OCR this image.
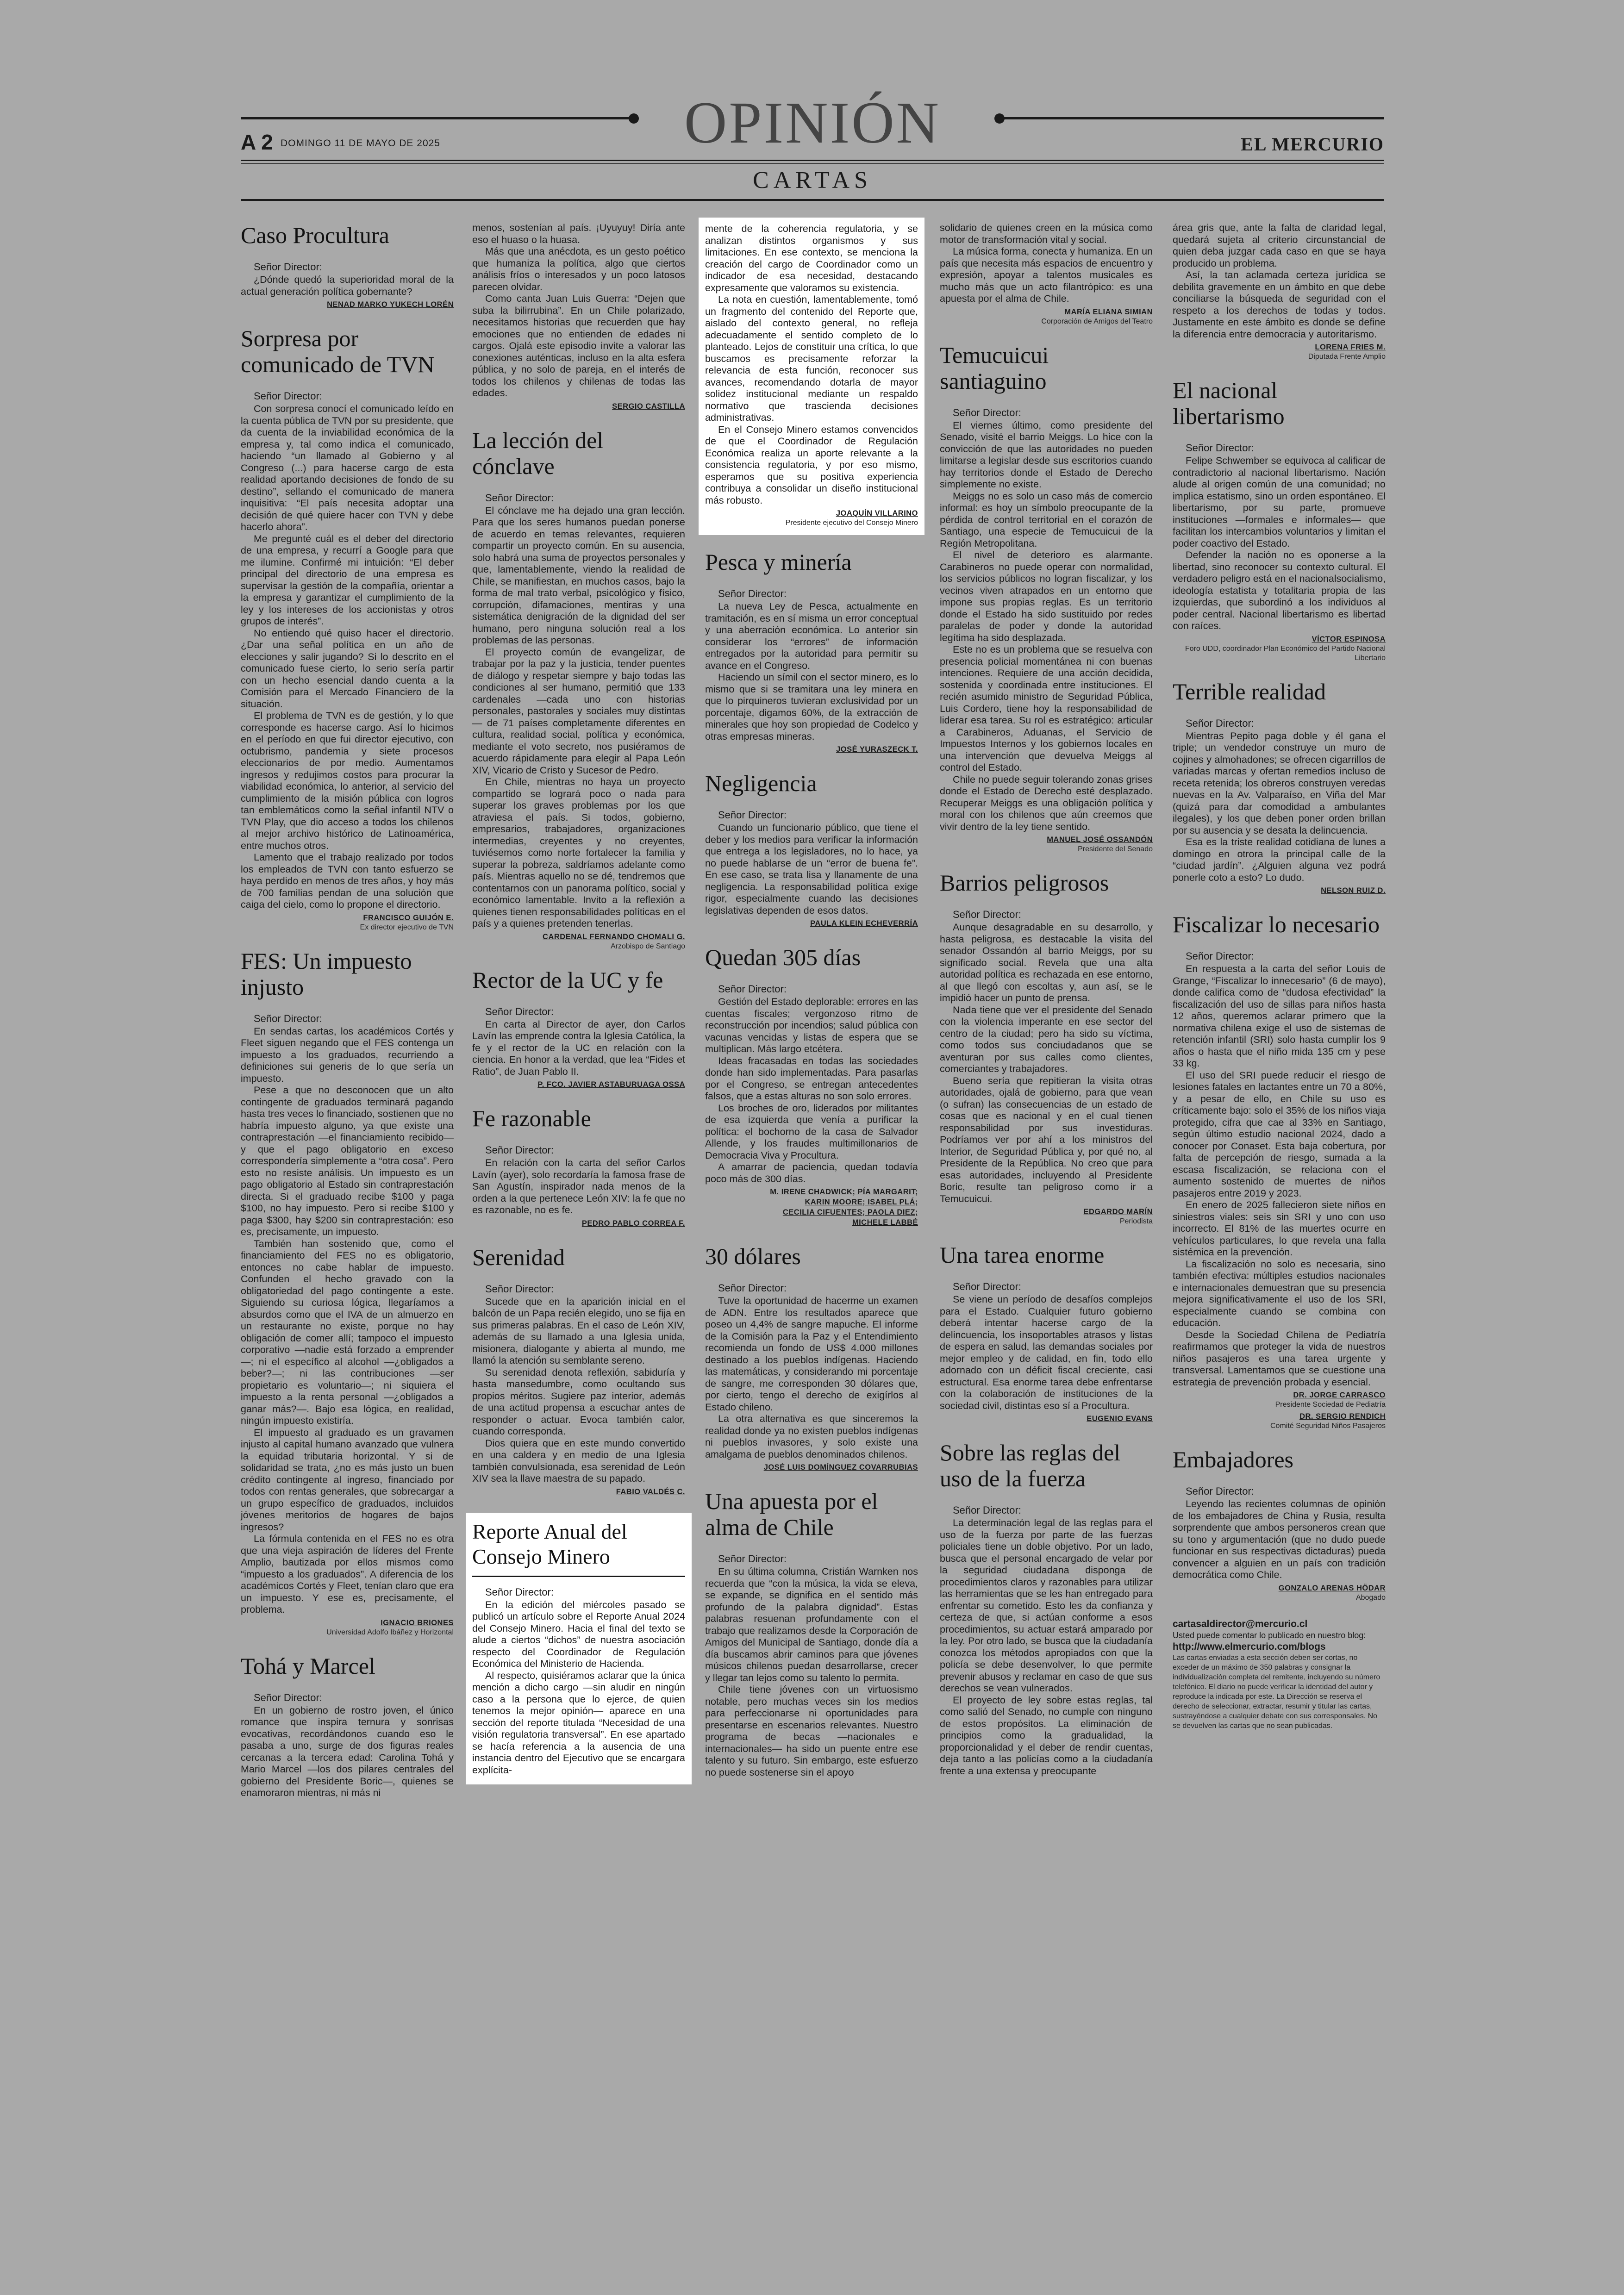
OPINIÓN
A 2 DOMINGO 11 DE MAYO DE 2025	EL MERCURIO
CARTAS
Caso Procultura
Señor Director:

¿Dónde quedó la superioridad moral de la actual generación política gobernante?

NENAD MARKO YUKECH LORÉN
Sorpresa por comunicado de TVN
Señor Director:

Con sorpresa conocí el comunicado leído en la cuenta pública de TVN por su presidente, que da cuenta de la inviabilidad económica de la empresa y, tal como indica el comunicado, haciendo “un llamado al Gobierno y al Congreso (...) para hacerse cargo de esta realidad aportando decisiones de fondo de su destino”, sellando el comunicado de manera inquisitiva: “El país necesita adoptar una decisión de qué quiere hacer con TVN y debe hacerlo ahora”.

Me pregunté cuál es el deber del directorio de una empresa, y recurrí a Google para que me ilumine. Confirmé mi intuición: “El deber principal del directorio de una empresa es supervisar la gestión de la compañía, orientar a la empresa y garantizar el cumplimiento de la ley y los intereses de los accionistas y otros grupos de interés”.

No entiendo qué quiso hacer el directorio. ¿Dar una señal política en un año de elecciones y salir jugando? Si lo descrito en el comunicado fuese cierto, lo serio sería partir con un hecho esencial dando cuenta a la Comisión para el Mercado Financiero de la situación.

El problema de TVN es de gestión, y lo que corresponde es hacerse cargo. Así lo hicimos en el período en que fui director ejecutivo, con octubrismo, pandemia y siete procesos eleccionarios de por medio. Aumentamos ingresos y redujimos costos para procurar la viabilidad económica, lo anterior, al servicio del cumplimiento de la misión pública con logros tan emblemáticos como la señal infantil NTV o TVN Play, que dio acceso a todos los chilenos al mejor archivo histórico de Latinoamérica, entre muchos otros.

Lamento que el trabajo realizado por todos los empleados de TVN con tanto esfuerzo se haya perdido en menos de tres años, y hoy más de 700 familias pendan de una solución que caiga del cielo, como lo propone el directorio.

FRANCISCO GUIJÓN E.
Ex director ejecutivo de TVN
FES: Un impuesto injusto
Señor Director:

En sendas cartas, los académicos Cortés y Fleet siguen negando que el FES contenga un impuesto a los graduados, recurriendo a definiciones sui generis de lo que sería un impuesto.

Pese a que no desconocen que un alto contingente de graduados terminará pagando hasta tres veces lo financiado, sostienen que no habría impuesto alguno, ya que existe una contraprestación —el financiamiento recibido— y que el pago obligatorio en exceso correspondería simplemente a “otra cosa”. Pero esto no resiste análisis. Un impuesto es un pago obligatorio al Estado sin contraprestación directa. Si el graduado recibe $100 y paga $100, no hay impuesto. Pero si recibe $100 y paga $300, hay $200 sin contraprestación: eso es, precisamente, un impuesto.

También han sostenido que, como el financiamiento del FES no es obligatorio, entonces no cabe hablar de impuesto. Confunden el hecho gravado con la obligatoriedad del pago contingente a este. Siguiendo su curiosa lógica, llegaríamos a absurdos como que el IVA de un almuerzo en un restaurante no existe, porque no hay obligación de comer allí; tampoco el impuesto corporativo —nadie está forzado a emprender—; ni el específico al alcohol —¿obligados a beber?—; ni las contribuciones —ser propietario es voluntario—; ni siquiera el impuesto a la renta personal —¿obligados a ganar más?—. Bajo esa lógica, en realidad, ningún impuesto existiría.

El impuesto al graduado es un gravamen injusto al capital humano avanzado que vulnera la equidad tributaria horizontal. Y si de solidaridad se trata, ¿no es más justo un buen crédito contingente al ingreso, financiado por todos con rentas generales, que sobrecargar a un grupo específico de graduados, incluidos jóvenes meritorios de hogares de bajos ingresos?

La fórmula contenida en el FES no es otra que una vieja aspiración de líderes del Frente Amplio, bautizada por ellos mismos como “impuesto a los graduados”. A diferencia de los académicos Cortés y Fleet, tenían claro que era un impuesto. Y ese es, precisamente, el problema.

IGNACIO BRIONES
Universidad Adolfo Ibáñez y Horizontal
Tohá y Marcel
Señor Director:

En un gobierno de rostro joven, el único romance que inspira ternura y sonrisas evocativas, recordándonos cuando eso le pasaba a uno, surge de dos figuras reales cercanas a la tercera edad: Carolina Tohá y Mario Marcel —los dos pilares centrales del gobierno del Presidente Boric—, quienes se enamoraron mientras, ni más ni

menos, sostenían al país. ¡Uyuyuy! Diría ante eso el huaso o la huasa.

Más que una anécdota, es un gesto poético que humaniza la política, algo que ciertos análisis fríos o interesados y un poco latosos parecen olvidar.

Como canta Juan Luis Guerra: “Dejen que suba la bilirrubina”. En un Chile polarizado, necesitamos historias que recuerden que hay emociones que no entienden de edades ni cargos. Ojalá este episodio invite a valorar las conexiones auténticas, incluso en la alta esfera pública, y no solo de pareja, en el interés de todos los chilenos y chilenas de todas las edades.

SERGIO CASTILLA
La lección del cónclave
Señor Director:

El cónclave me ha dejado una gran lección. Para que los seres humanos puedan ponerse de acuerdo en temas relevantes, requieren compartir un proyecto común. En su ausencia, solo habrá una suma de proyectos personales y que, lamentablemente, viendo la realidad de Chile, se manifiestan, en muchos casos, bajo la forma de mal trato verbal, psicológico y físico, corrupción, difamaciones, mentiras y una sistemática denigración de la dignidad del ser humano, pero ninguna solución real a los problemas de las personas.

El proyecto común de evangelizar, de trabajar por la paz y la justicia, tender puentes de diálogo y respetar siempre y bajo todas las condiciones al ser humano, permitió que 133 cardenales —cada uno con historias personales, pastorales y sociales muy distintas— de 71 países completamente diferentes en cultura, realidad social, política y económica, mediante el voto secreto, nos pusiéramos de acuerdo rápidamente para elegir al Papa León XIV, Vicario de Cristo y Sucesor de Pedro.

En Chile, mientras no haya un proyecto compartido se logrará poco o nada para superar los graves problemas por los que atraviesa el país. Si todos, gobierno, empresarios, trabajadores, organizaciones intermedias, creyentes y no creyentes, tuviésemos como norte fortalecer la familia y superar la pobreza, saldríamos adelante como país. Mientras aquello no se dé, tendremos que contentarnos con un panorama político, social y económico lamentable. Invito a la reflexión a quienes tienen responsabilidades políticas en el país y a quienes pretenden tenerlas.

CARDENAL FERNANDO CHOMALI G.
Arzobispo de Santiago
Rector de la UC y fe
Señor Director:

En carta al Director de ayer, don Carlos Lavín las emprende contra la Iglesia Católica, la fe y el rector de la UC en relación con la ciencia. En honor a la verdad, que lea “Fides et Ratio”, de Juan Pablo II.

P. FCO. JAVIER ASTABURUAGA OSSA
Fe razonable
Señor Director:

En relación con la carta del señor Carlos Lavín (ayer), solo recordaría la famosa frase de San Agustín, inspirador nada menos de la orden a la que pertenece León XIV: la fe que no es razonable, no es fe.

PEDRO PABLO CORREA F.
Serenidad
Señor Director:

Sucede que en la aparición inicial en el balcón de un Papa recién elegido, uno se fija en sus primeras palabras. En el caso de León XIV, además de su llamado a una Iglesia unida, misionera, dialogante y abierta al mundo, me llamó la atención su semblante sereno.

Su serenidad denota reflexión, sabiduría y hasta mansedumbre, como ocultando sus propios méritos. Sugiere paz interior, además de una actitud propensa a escuchar antes de responder o actuar. Evoca también calor, cuando corresponda.

Dios quiera que en este mundo convertido en una caldera y en medio de una Iglesia también convulsionada, esa serenidad de León XIV sea la llave maestra de su papado.

FABIO VALDÉS C.
Reporte Anual del Consejo Minero
Señor Director:

En la edición del miércoles pasado se publicó un artículo sobre el Reporte Anual 2024 del Consejo Minero. Hacia el final del texto se alude a ciertos “dichos” de nuestra asociación respecto del Coordinador de Regulación Económica del Ministerio de Hacienda.

Al respecto, quisiéramos aclarar que la única mención a dicho cargo —sin aludir en ningún caso a la persona que lo ejerce, de quien tenemos la mejor opinión— aparece en una sección del reporte titulada “Necesidad de una visión regulatoria transversal”. En ese apartado se hacía referencia a la ausencia de una instancia dentro del Ejecutivo que se encargara explícita-

mente de la coherencia regulatoria, y se analizan distintos organismos y sus limitaciones. En ese contexto, se menciona la creación del cargo de Coordinador como un indicador de esa necesidad, destacando expresamente que valoramos su existencia.

La nota en cuestión, lamentablemente, tomó un fragmento del contenido del Reporte que, aislado del contexto general, no refleja adecuadamente el sentido completo de lo planteado. Lejos de constituir una crítica, lo que buscamos es precisamente reforzar la relevancia de esta función, reconocer sus avances, recomendando dotarla de mayor solidez institucional mediante un respaldo normativo que trascienda decisiones administrativas.

En el Consejo Minero estamos convencidos de que el Coordinador de Regulación Económica realiza un aporte relevante a la consistencia regulatoria, y por eso mismo, esperamos que su positiva experiencia contribuya a consolidar un diseño institucional más robusto.

JOAQUÍN VILLARINO
Presidente ejecutivo del Consejo Minero
Pesca y minería
Señor Director:

La nueva Ley de Pesca, actualmente en tramitación, es en sí misma un error conceptual y una aberración económica. Lo anterior sin considerar los “errores” de información entregados por la autoridad para permitir su avance en el Congreso.

Haciendo un símil con el sector minero, es lo mismo que si se tramitara una ley minera en que lo pirquineros tuvieran exclusividad por un porcentaje, digamos 60%, de la extracción de minerales que hoy son propiedad de Codelco y otras empresas mineras.

JOSÉ YURASZECK T.
Negligencia
Señor Director:

Cuando un funcionario público, que tiene el deber y los medios para verificar la información que entrega a los legisladores, no lo hace, ya no puede hablarse de un “error de buena fe”. En ese caso, se trata lisa y llanamente de una negligencia. La responsabilidad política exige rigor, especialmente cuando las decisiones legislativas dependen de esos datos.

PAULA KLEIN ECHEVERRÍA
Quedan 305 días
Señor Director:

Gestión del Estado deplorable: errores en las cuentas fiscales; vergonzoso ritmo de reconstrucción por incendios; salud pública con vacunas vencidas y listas de espera que se multiplican. Más largo etcétera.

Ideas fracasadas en todas las sociedades donde han sido implementadas. Para pasarlas por el Congreso, se entregan antecedentes falsos, que a estas alturas no son solo errores.

Los broches de oro, liderados por militantes de esa izquierda que venía a purificar la política: el bochorno de la casa de Salvador Allende, y los fraudes multimillonarios de Democracia Viva y Procultura.

A amarrar de paciencia, quedan todavía poco más de 300 días.

M. IRENE CHADWICK; PÍA MARGARIT;
KARIN MOORE; ISABEL PLÁ;
CECILIA CIFUENTES; PAOLA DIEZ;
MICHELE LABBÉ
30 dólares
Señor Director:

Tuve la oportunidad de hacerme un examen de ADN. Entre los resultados aparece que poseo un 4,4% de sangre mapuche. El informe de la Comisión para la Paz y el Entendimiento recomienda un fondo de US$ 4.000 millones destinado a los pueblos indígenas. Haciendo las matemáticas, y considerando mi porcentaje de sangre, me corresponden 30 dólares que, por cierto, tengo el derecho de exigírlos al Estado chileno.

La otra alternativa es que sinceremos la realidad donde ya no existen pueblos indígenas ni pueblos invasores, y solo existe una amalgama de pueblos denominados chilenos.

JOSÉ LUIS DOMÍNGUEZ COVARRUBIAS
Una apuesta por el alma de Chile
Señor Director:

En su última columna, Cristián Warnken nos recuerda que “con la música, la vida se eleva, se expande, se dignifica en el sentido más profundo de la palabra dignidad”. Estas palabras resuenan profundamente con el trabajo que realizamos desde la Corporación de Amigos del Municipal de Santiago, donde día a día buscamos abrir caminos para que jóvenes músicos chilenos puedan desarrollarse, crecer y llegar tan lejos como su talento lo permita.

Chile tiene jóvenes con un virtuosismo notable, pero muchas veces sin los medios para perfeccionarse ni oportunidades para presentarse en escenarios relevantes. Nuestro programa de becas —nacionales e internacionales— ha sido un puente entre ese talento y su futuro. Sin embargo, este esfuerzo no puede sostenerse sin el apoyo

solidario de quienes creen en la música como motor de transformación vital y social.

La música forma, conecta y humaniza. En un país que necesita más espacios de encuentro y expresión, apoyar a talentos musicales es mucho más que un acto filantrópico: es una apuesta por el alma de Chile.

MARÍA ELIANA SIMIAN
Corporación de Amigos del Teatro
Temucuicui santiaguino
Señor Director:

El viernes último, como presidente del Senado, visité el barrio Meiggs. Lo hice con la convicción de que las autoridades no pueden limitarse a legislar desde sus escritorios cuando hay territorios donde el Estado de Derecho simplemente no existe.

Meiggs no es solo un caso más de comercio informal: es hoy un símbolo preocupante de la pérdida de control territorial en el corazón de Santiago, una especie de Temucuicui de la Región Metropolitana.

El nivel de deterioro es alarmante. Carabineros no puede operar con normalidad, los servicios públicos no logran fiscalizar, y los vecinos viven atrapados en un entorno que impone sus propias reglas. Es un territorio donde el Estado ha sido sustituido por redes paralelas de poder y donde la autoridad legítima ha sido desplazada.

Este no es un problema que se resuelva con presencia policial momentánea ni con buenas intenciones. Requiere de una acción decidida, sostenida y coordinada entre instituciones. El recién asumido ministro de Seguridad Pública, Luis Cordero, tiene hoy la responsabilidad de liderar esa tarea. Su rol es estratégico: articular a Carabineros, Aduanas, el Servicio de Impuestos Internos y los gobiernos locales en una intervención que devuelva Meiggs al control del Estado.

Chile no puede seguir tolerando zonas grises donde el Estado de Derecho esté desplazado. Recuperar Meiggs es una obligación política y moral con los chilenos que aún creemos que vivir dentro de la ley tiene sentido.

MANUEL JOSÉ OSSANDÓN
Presidente del Senado
Barrios peligrosos
Señor Director:

Aunque desagradable en su desarrollo, y hasta peligrosa, es destacable la visita del senador Ossandón al barrio Meiggs, por su significado social. Revela que una alta autoridad política es rechazada en ese entorno, al que llegó con escoltas y, aun así, se le impidió hacer un punto de prensa.

Nada tiene que ver el presidente del Senado con la violencia imperante en ese sector del centro de la ciudad; pero ha sido su víctima, como todos sus conciudadanos que se aventuran por sus calles como clientes, comerciantes y trabajadores.

Bueno sería que repitieran la visita otras autoridades, ojalá de gobierno, para que vean (o sufran) las consecuencias de un estado de cosas que es nacional y en el cual tienen responsabilidad por sus investiduras. Podríamos ver por ahí a los ministros del Interior, de Seguridad Pública y, por qué no, al Presidente de la República. No creo que para esas autoridades, incluyendo al Presidente Boric, resulte tan peligroso como ir a Temucuicui.

EDGARDO MARÍN
Periodista
Una tarea enorme
Señor Director:

Se viene un período de desafíos complejos para el Estado. Cualquier futuro gobierno deberá intentar hacerse cargo de la delincuencia, los insoportables atrasos y listas de espera en salud, las demandas sociales por mejor empleo y de calidad, en fin, todo ello adornado con un déficit fiscal creciente, casi estructural. Esa enorme tarea debe enfrentarse con la colaboración de instituciones de la sociedad civil, distintas eso sí a Procultura.

EUGENIO EVANS
Sobre las reglas del uso de la fuerza
Señor Director:

La determinación legal de las reglas para el uso de la fuerza por parte de las fuerzas policiales tiene un doble objetivo. Por un lado, busca que el personal encargado de velar por la seguridad ciudadana disponga de procedimientos claros y razonables para utilizar las herramientas que se les han entregado para enfrentar su cometido. Esto les da confianza y certeza de que, si actúan conforme a esos procedimientos, su actuar estará amparado por la ley. Por otro lado, se busca que la ciudadanía conozca los métodos apropiados con que la policía se debe desenvolver, lo que permite prevenir abusos y reclamar en caso de que sus derechos se vean vulnerados.

El proyecto de ley sobre estas reglas, tal como salió del Senado, no cumple con ninguno de estos propósitos. La eliminación de principios como la gradualidad, la proporcionalidad y el deber de rendir cuentas, deja tanto a las policías como a la ciudadanía frente a una extensa y preocupante

área gris que, ante la falta de claridad legal, quedará sujeta al criterio circunstancial de quien deba juzgar cada caso en que se haya producido un problema.

Así, la tan aclamada certeza jurídica se debilita gravemente en un ámbito en que debe conciliarse la búsqueda de seguridad con el respeto a los derechos de todas y todos. Justamente en este ámbito es donde se define la diferencia entre democracia y autoritarismo.

LORENA FRIES M.
Diputada Frente Amplio
El nacional libertarismo
Señor Director:

Felipe Schwember se equivoca al calificar de contradictorio al nacional libertarismo. Nación alude al origen común de una comunidad; no implica estatismo, sino un orden espontáneo. El libertarismo, por su parte, promueve instituciones —formales e informales— que facilitan los intercambios voluntarios y limitan el poder coactivo del Estado.

Defender la nación no es oponerse a la libertad, sino reconocer su contexto cultural. El verdadero peligro está en el nacionalsocialismo, ideología estatista y totalitaria propia de las izquierdas, que subordinó a los individuos al poder central. Nacional libertarismo es libertad con raíces.

VÍCTOR ESPINOSA
Foro UDD, coordinador Plan Económico del Partido Nacional Libertario
Terrible realidad
Señor Director:

Mientras Pepito paga doble y él gana el triple; un vendedor construye un muro de cojines y almohadones; se ofrecen cigarrillos de variadas marcas y ofertan remedios incluso de receta retenida; los obreros construyen veredas nuevas en la Av. Valparaíso, en Viña del Mar (quizá para dar comodidad a ambulantes ilegales), y los que deben poner orden brillan por su ausencia y se desata la delincuencia.

Esa es la triste realidad cotidiana de lunes a domingo en otrora la principal calle de la “ciudad jardín”. ¿Alguien alguna vez podrá ponerle coto a esto? Lo dudo.

NELSON RUIZ D.
Fiscalizar lo necesario
Señor Director:

En respuesta a la carta del señor Louis de Grange, “Fiscalizar lo innecesario” (6 de mayo), donde califica como de “dudosa efectividad” la fiscalización del uso de sillas para niños hasta 12 años, queremos aclarar primero que la normativa chilena exige el uso de sistemas de retención infantil (SRI) solo hasta cumplir los 9 años o hasta que el niño mida 135 cm y pese 33 kg.

El uso del SRI puede reducir el riesgo de lesiones fatales en lactantes entre un 70 a 80%, y a pesar de ello, en Chile su uso es críticamente bajo: solo el 35% de los niños viaja protegido, cifra que cae al 33% en Santiago, según último estudio nacional 2024, dado a conocer por Conaset. Esta baja cobertura, por falta de percepción de riesgo, sumada a la escasa fiscalización, se relaciona con el aumento sostenido de muertes de niños pasajeros entre 2019 y 2023.

En enero de 2025 fallecieron siete niños en siniestros viales: seis sin SRI y uno con uso incorrecto. El 81% de las muertes ocurre en vehículos particulares, lo que revela una falla sistémica en la prevención.

La fiscalización no solo es necesaria, sino también efectiva: múltiples estudios nacionales e internacionales demuestran que su presencia mejora significativamente el uso de los SRI, especialmente cuando se combina con educación.

Desde la Sociedad Chilena de Pediatría reafirmamos que proteger la vida de nuestros niños pasajeros es una tarea urgente y transversal. Lamentamos que se cuestione una estrategia de prevención probada y esencial.

DR. JORGE CARRASCO
Presidente Sociedad de Pediatría
DR. SERGIO RENDICH
Comité Seguridad Niños Pasajeros
Embajadores
Señor Director:

Leyendo las recientes columnas de opinión de los embajadores de China y Rusia, resulta sorprendente que ambos personeros crean que su tono y argumentación (que no dudo puede funcionar en sus respectivas dictaduras) pueda convencer a alguien en un país con tradición democrática como Chile.

GONZALO ARENAS HÖDAR
Abogado
cartasaldirector@mercurio.cl
Usted puede comentar lo publicado en nuestro blog:
http://www.elmercurio.com/blogs
Las cartas enviadas a esta sección deben ser cortas, no exceder de un máximo de 350 palabras y consignar la individualización completa del remitente, incluyendo su número telefónico. El diario no puede verificar la identidad del autor y reproduce la indicada por este. La Dirección se reserva el derecho de seleccionar, extractar, resumir y titular las cartas, sustrayéndose a cualquier debate con sus corresponsales. No se devuelven las cartas que no sean publicadas.
